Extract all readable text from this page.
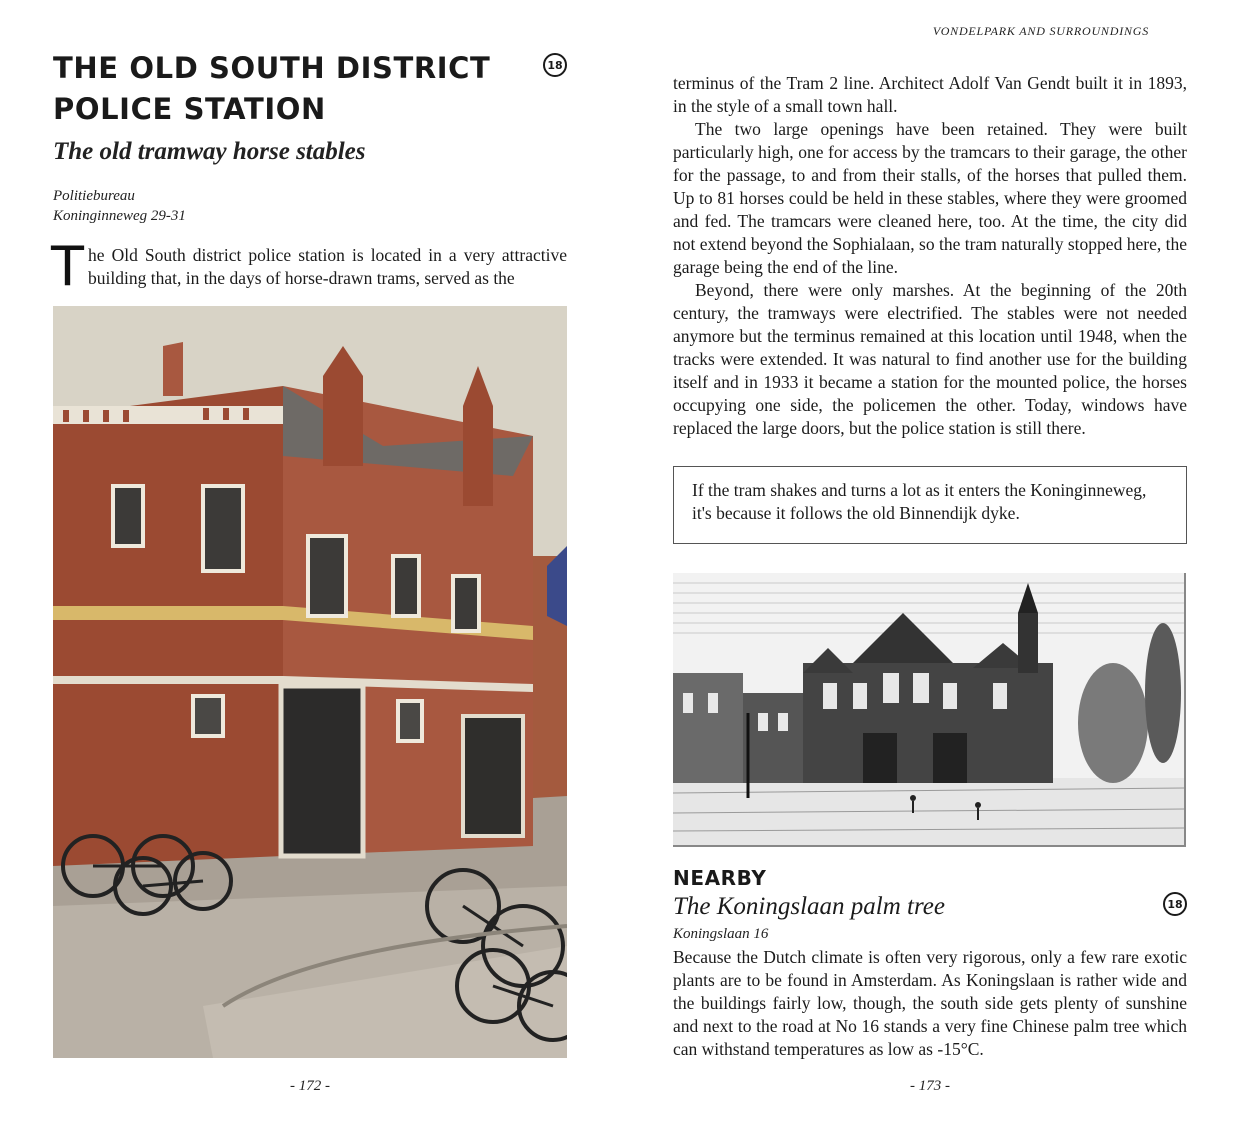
THE OLD SOUTH DISTRICT POLICE STATION
18
The old tramway horse stables
Politiebureau
Koninginneweg 29-31

The Old South district police station is located in a very attractive building that, in the days of horse-drawn trams, served as the

- 172 -
VONDELPARK AND SURROUNDINGS

terminus of the Tram 2 line. Architect Adolf Van Gendt built it in 1893, in the style of a small town hall.

The two large openings have been retained. They were built particularly high, one for access by the tramcars to their garage, the other for the passage, to and from their stalls, of the horses that pulled them. Up to 81 horses could be held in these stables, where they were groomed and fed. The tramcars were cleaned here, too. At the time, the city did not extend beyond the Sophialaan, so the tram naturally stopped here, the garage being the end of the line.

Beyond, there were only marshes. At the beginning of the 20th century, the tramways were electrified. The stables were not needed anymore but the terminus remained at this location until 1948, when the tracks were extended. It was natural to find another use for the building itself and in 1933 it became a station for the mounted police, the horses occupying one side, the policemen the other. Today, windows have replaced the large doors, but the police station is still there.

If the tram shakes and turns a lot as it enters the Koninginneweg, it's because it follows the old Binnendijk dyke.
NEARBY
The Koningslaan palm tree	18
Koningslaan 16

Because the Dutch climate is often very rigorous, only a few rare exotic plants are to be found in Amsterdam. As Koningslaan is rather wide and the buildings fairly low, though, the south side gets plenty of sunshine and next to the road at No 16 stands a very fine Chinese palm tree which can withstand temperatures as low as -15°C.

- 173 -
